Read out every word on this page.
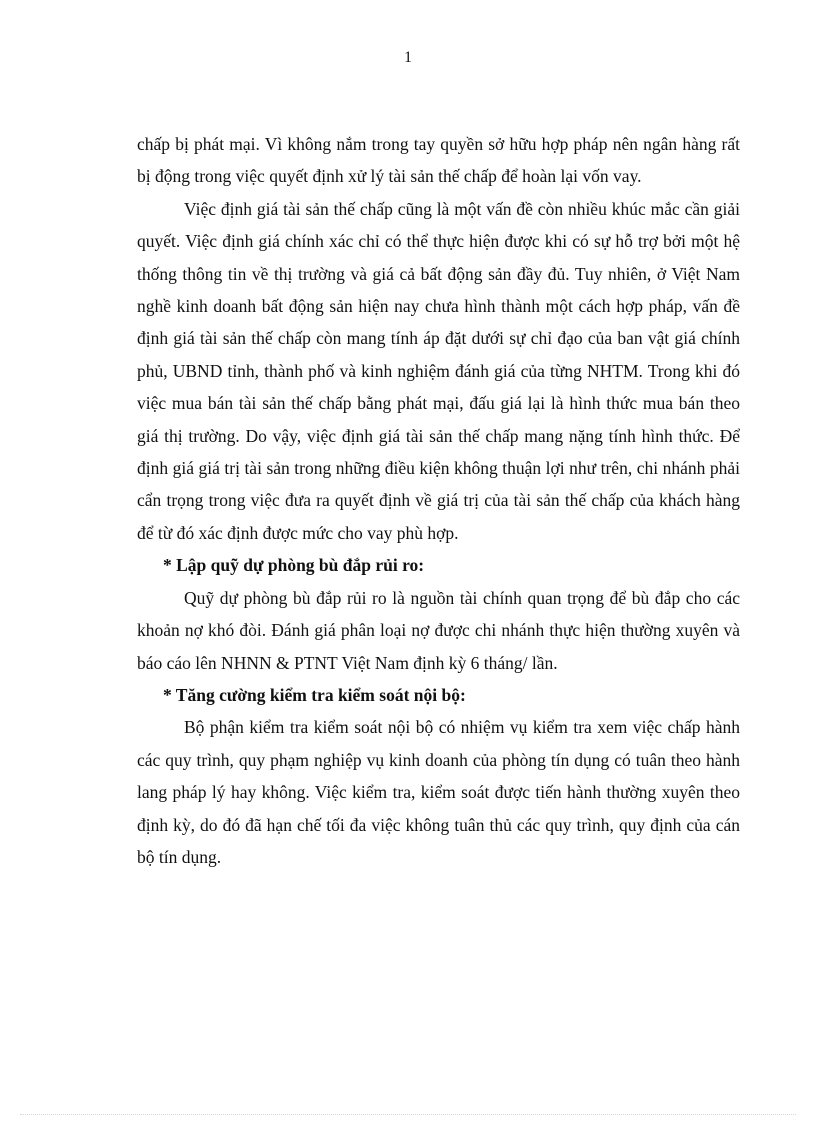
1

chấp bị phát mại. Vì không nắm trong tay quyền sở hữu hợp pháp nên ngân hàng rất bị động trong việc quyết định xử lý tài sản thế chấp để hoàn lại vốn vay.

Việc định giá tài sản thế chấp cũng là một vấn đề còn nhiều khúc mắc cần giải quyết. Việc định giá chính xác chỉ có thể thực hiện được khi có sự hỗ trợ bởi một hệ thống thông tin về thị trường và giá cả bất động sản đầy đủ. Tuy nhiên, ở Việt Nam nghề kinh doanh bất động sản hiện nay chưa hình thành một cách hợp pháp, vấn đề định giá tài sản thế chấp còn mang tính áp đặt dưới sự chỉ đạo của ban vật giá chính phủ, UBND tỉnh, thành phố và kinh nghiệm đánh giá của từng NHTM. Trong khi đó việc mua bán tài sản thế chấp bằng phát mại, đấu giá lại là hình thức mua bán theo giá thị trường. Do vậy, việc định giá tài sản thế chấp mang nặng tính hình thức. Để định giá giá trị tài sản trong những điều kiện không thuận lợi như trên, chi nhánh phải cẩn trọng trong việc đưa ra quyết định về giá trị của tài sản thế chấp của khách hàng để từ đó xác định được mức cho vay phù hợp.

* Lập quỹ dự phòng bù đắp rủi ro:

Quỹ dự phòng bù đắp rủi ro là nguồn tài chính quan trọng để bù đắp cho các khoản nợ khó đòi. Đánh giá phân loại nợ được chi nhánh thực hiện thường xuyên và báo cáo lên NHNN & PTNT Việt Nam định kỳ 6 tháng/ lần.

* Tăng cường kiểm tra kiểm soát nội bộ:

Bộ phận kiểm tra kiểm soát nội bộ có nhiệm vụ kiểm tra xem việc chấp hành các quy trình, quy phạm nghiệp vụ kinh doanh của phòng tín dụng có tuân theo hành lang pháp lý hay không. Việc kiểm tra, kiểm soát được tiến hành thường xuyên theo định kỳ, do đó đã hạn chế tối đa việc không tuân thủ các quy trình, quy định của cán bộ tín dụng.
